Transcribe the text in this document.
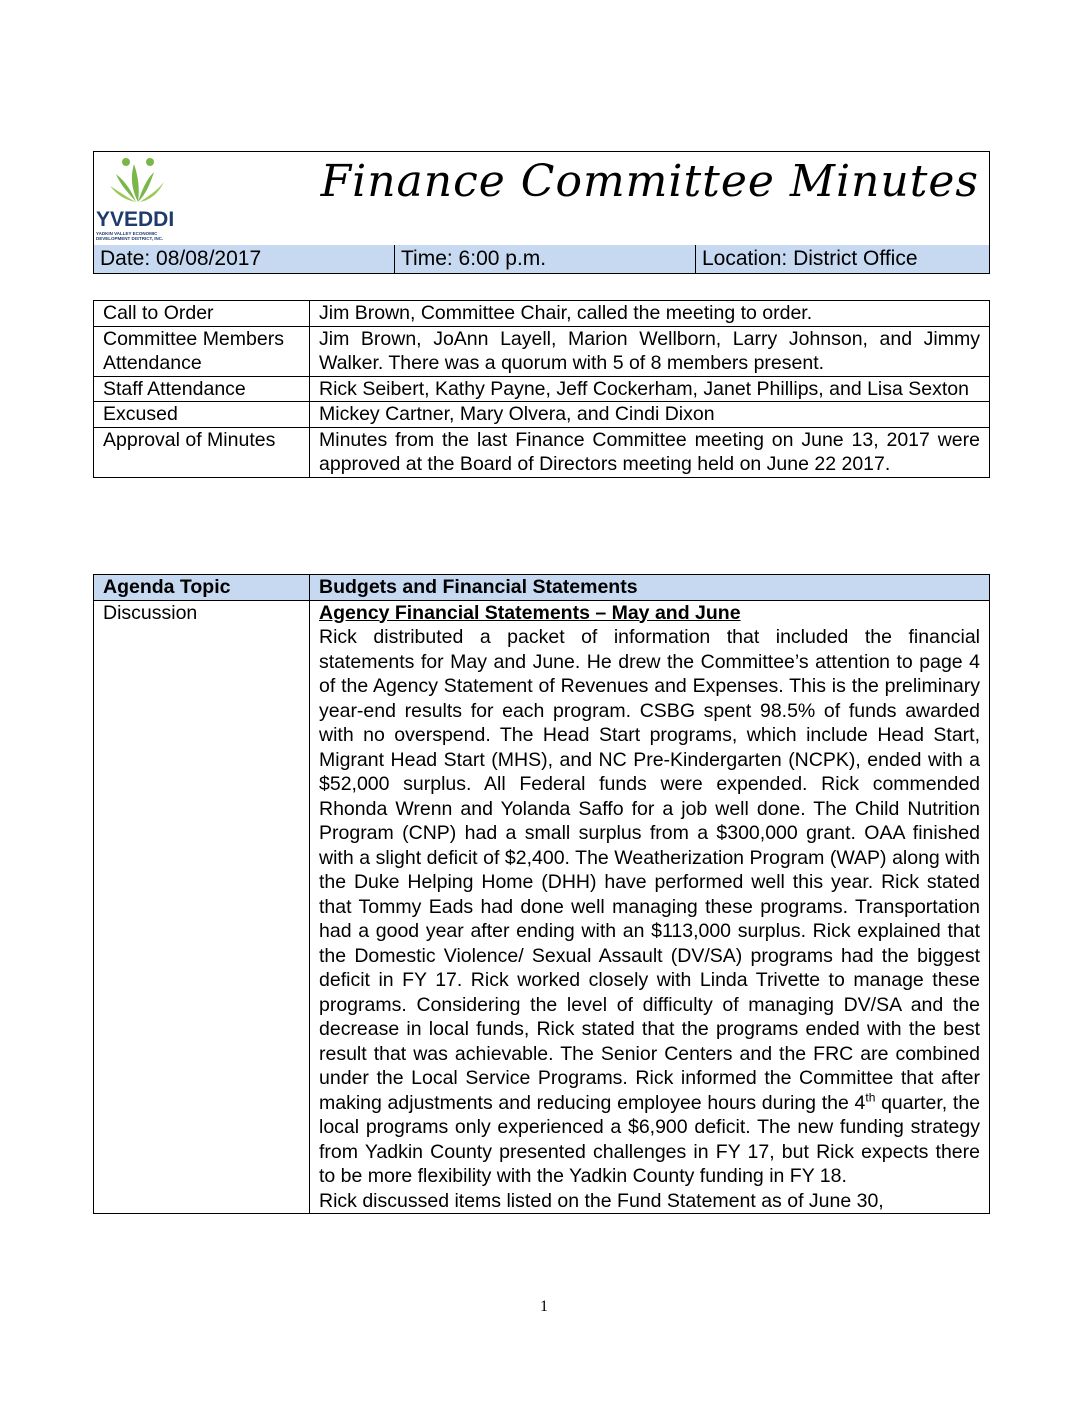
YVEDDI
YADKIN VALLEY ECONOMIC DEVELOPMENT DISTRICT, INC.
Finance Committee Minutes
Date: 08/08/2017	Time: 6:00 p.m.	Location: District Office
Call to Order	Jim Brown, Committee Chair, called the meeting to order.
Committee Members Attendance	Jim Brown, JoAnn Layell, Marion Wellborn, Larry Johnson, and Jimmy Walker. There was a quorum with 5 of 8 members present.
Staff Attendance	Rick Seibert, Kathy Payne, Jeff Cockerham, Janet Phillips, and Lisa Sexton
Excused	Mickey Cartner, Mary Olvera, and Cindi Dixon
Approval of Minutes	Minutes from the last Finance Committee meeting on June 13, 2017 were approved at the Board of Directors meeting held on June 22 2017.
Agenda Topic	Budgets and Financial Statements
Discussion	Agency Financial Statements – May and June
Rick distributed a packet of information that included the financial statements for May and June. He drew the Committee’s attention to page 4 of the Agency Statement of Revenues and Expenses. This is the preliminary year-end results for each program. CSBG spent 98.5% of funds awarded with no overspend. The Head Start programs, which include Head Start, Migrant Head Start (MHS), and NC Pre-Kindergarten (NCPK), ended with a $52,000 surplus. All Federal funds were expended. Rick commended Rhonda Wrenn and Yolanda Saffo for a job well done. The Child Nutrition Program (CNP) had a small surplus from a $300,000 grant. OAA finished with a slight deficit of $2,400. The Weatherization Program (WAP) along with the Duke Helping Home (DHH) have performed well this year. Rick stated that Tommy Eads had done well managing these programs. Transportation had a good year after ending with an $113,000 surplus. Rick explained that the Domestic Violence/ Sexual Assault (DV/SA) programs had the biggest deficit in FY 17. Rick worked closely with Linda Trivette to manage these programs. Considering the level of difficulty of managing DV/SA and the decrease in local funds, Rick stated that the programs ended with the best result that was achievable. The Senior Centers and the FRC are combined under the Local Service Programs. Rick informed the Committee that after making adjustments and reducing employee hours during the 4th quarter, the local programs only experienced a $6,900 deficit. The new funding strategy from Yadkin County presented challenges in FY 17, but Rick expects there to be more flexibility with the Yadkin County funding in FY 18.
Rick discussed items listed on the Fund Statement as of June 30,
1
